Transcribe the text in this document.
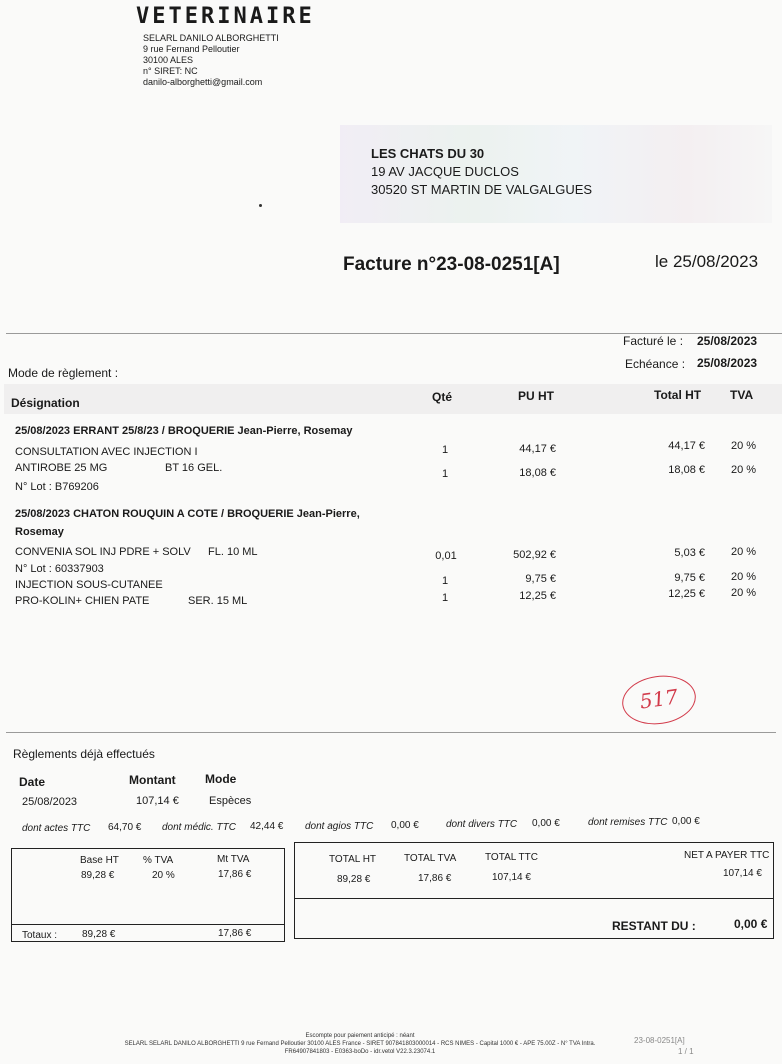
VETERINAIRE
SELARL DANILO ALBORGHETTI
9 rue Fernand Pelloutier
30100 ALES
n° SIRET: NC
danilo-alborghetti@gmail.com
LES CHATS DU 30
19 AV JACQUE DUCLOS
30520 ST MARTIN DE VALGALGUES
Facture n°23-08-0251[A]	le 25/08/2023
Facturé le : 25/08/2023
Echéance : 25/08/2023
Mode de règlement :
Désignation	Qté	PU HT	Total HT TVA
25/08/2023 ERRANT 25/8/23 / BROQUERIE Jean-Pierre, Rosemay
CONSULTATION AVEC INJECTION I	1	44,17 €	44,17 € 20 %
ANTIROBE 25 MG	BT 16 GEL.	1	18,08 €	18,08 € 20 %
N° Lot : B769206
25/08/2023 CHATON ROUQUIN A COTE / BROQUERIE Jean-Pierre,
Rosemay
CONVENIA SOL INJ PDRE + SOLV FL. 10 ML	0,01	502,92 €	5,03 € 20 %
N° Lot : 60337903
INJECTION SOUS-CUTANEE	1	9,75 €	9,75 € 20 %
PRO-KOLIN+ CHIEN PATE	SER. 15 ML	1	12,25 €	12,25 € 20 %
517
Règlements déjà effectués
Date	Montant Mode
25/08/2023	107,14 €	Espèces
dont actes TTC 64,70 € dont médic. TTC 42,44 € dont agios TTC 0,00 €	dont divers TTC 0,00 €	dont remises TTC 0,00 €
Base HT % TVA	Mt TVA
89,28 €	20 %	17,86 €
Totaux : 89,28 €	17,86 €
TOTAL HT	TOTAL TVA	TOTAL TTC	NET A PAYER TTC
89,28 €	17,86 €	107,14 €	107,14 €
RESTANT DU :	0,00 €
Escompte pour paiement anticipé : néant
SELARL SELARL DANILO ALBORGHETTI 9 rue Fernand Pelloutier 30100 ALES France - SIRET 907841803000014 - RCS NIMES - Capital 1000 € - APE 75.00Z - N° TVA Intra.
FR64907841803 - E0363-boDo - idr.vetol V22.3.23074.1
23-08-0251[A]
1 / 1
